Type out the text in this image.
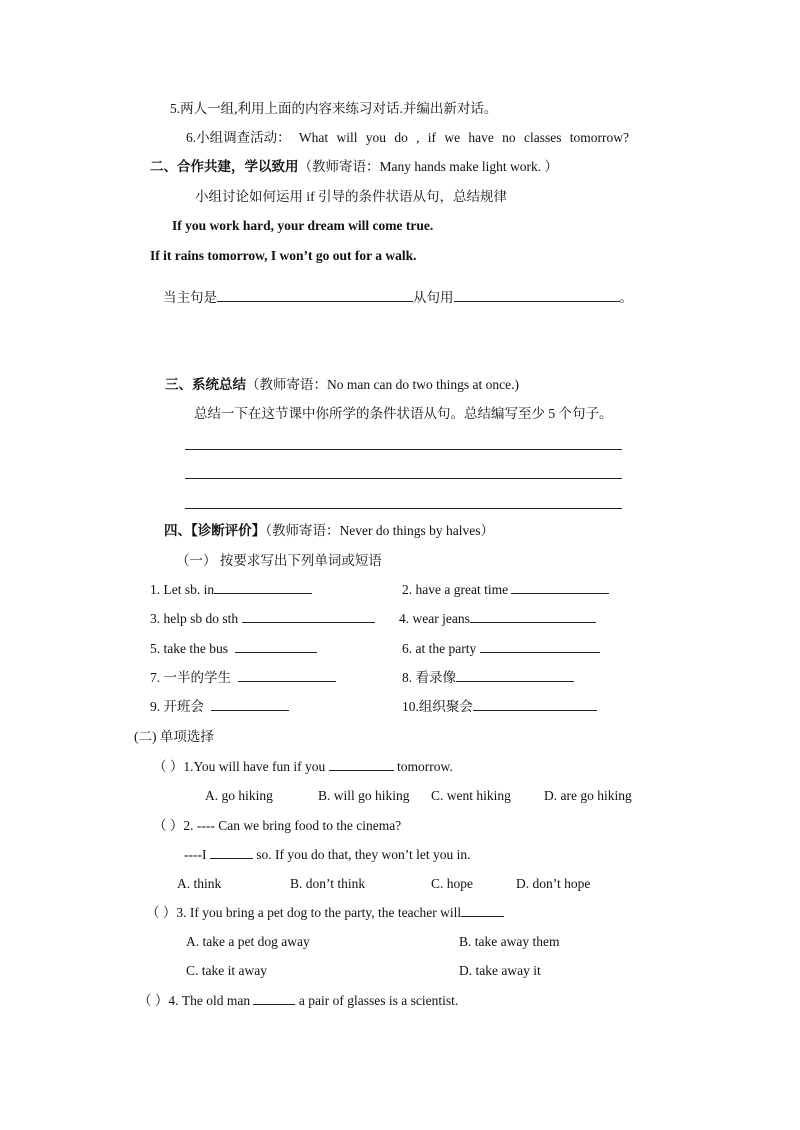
5.两人一组,利用上面的内容来练习对话.并编出新对话。
6.小组调查活动： What will you do , if we have no classes tomorrow?
二、合作共建，学以致用（教师寄语：Many hands make light work. ）
小组讨论如何运用 if 引导的条件状语从句，总结规律
If you work hard, your dream will come true.
If it rains tomorrow, I won’t go out for a walk.
当主句是	从句用	。
三、系统总结（教师寄语：No man can do two things at once.)
总结一下在这节课中你所学的条件状语从句。总结编写至少 5 个句子。
四、【诊断评价】（教师寄语：Never do things by halves）
（一） 按要求写出下列单词或短语
1. Let sb. in	2. have a great time
3. help sb do sth	4. wear jeans
5. take the bus	6. at the party
7. 一半的学生	8. 看录像
9. 开班会	10.组织聚会
(二) 单项选择
（ ）1.You will have fun if you	tomorrow.
A. go hiking	B. will go hiking C. went hiking D. are go hiking
（ ）2. ---- Can we bring food to the cinema?
----I	so. If you do that, they won’t let you in.
A. think	B. don’t think	C. hope	D. don’t hope
（ ）3. If you bring a pet dog to the party, the teacher will
A. take a pet dog away	B. take away them
C. take it away	D. take away it
（ ）4. The old man	a pair of glasses is a scientist.
